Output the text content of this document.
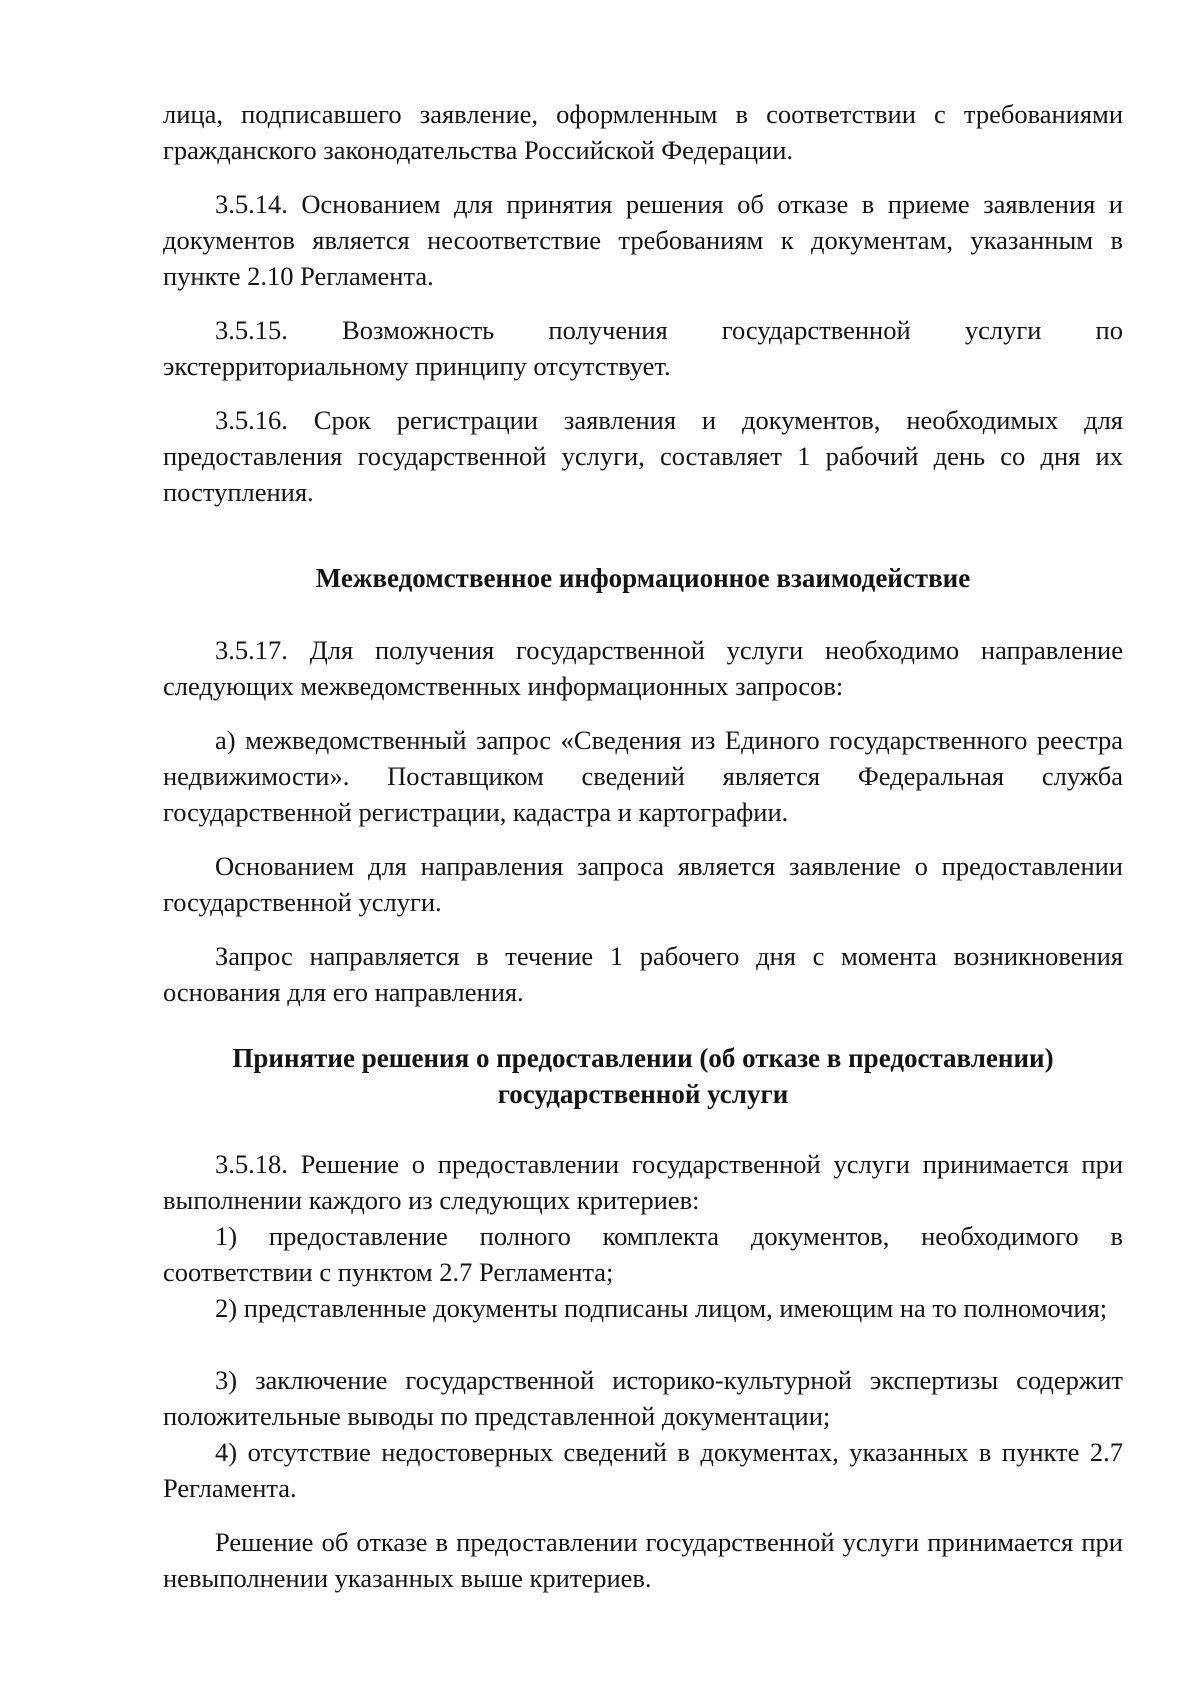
лица, подписавшего заявление, оформленным в соответствии с требованиями гражданского законодательства Российской Федерации.

3.5.14. Основанием для принятия решения об отказе в приеме заявления и документов является несоответствие требованиям к документам, указанным в пункте 2.10 Регламента.

3.5.15. Возможность получения государственной услуги по экстерриториальному принципу отсутствует.

3.5.16. Срок регистрации заявления и документов, необходимых для предоставления государственной услуги, составляет 1 рабочий день со дня их поступления.

Межведомственное информационное взаимодействие

3.5.17. Для получения государственной услуги необходимо направление следующих межведомственных информационных запросов:

а) межведомственный запрос «Сведения из Единого государственного реестра недвижимости». Поставщиком сведений является Федеральная служба государственной регистрации, кадастра и картографии.

Основанием для направления запроса является заявление о предоставлении государственной услуги.

Запрос направляется в течение 1 рабочего дня с момента возникновения основания для его направления.

Принятие решения о предоставлении (об отказе в предоставлении)
государственной услуги

3.5.18. Решение о предоставлении государственной услуги принимается при выполнении каждого из следующих критериев:

1) предоставление полного комплекта документов, необходимого в соответствии с пунктом 2.7 Регламента;

2) представленные документы подписаны лицом, имеющим на то полномочия;

3) заключение государственной историко-культурной экспертизы содержит положительные выводы по представленной документации;

4) отсутствие недостоверных сведений в документах, указанных в пункте 2.7 Регламента.

Решение об отказе в предоставлении государственной услуги принимается при невыполнении указанных выше критериев.
